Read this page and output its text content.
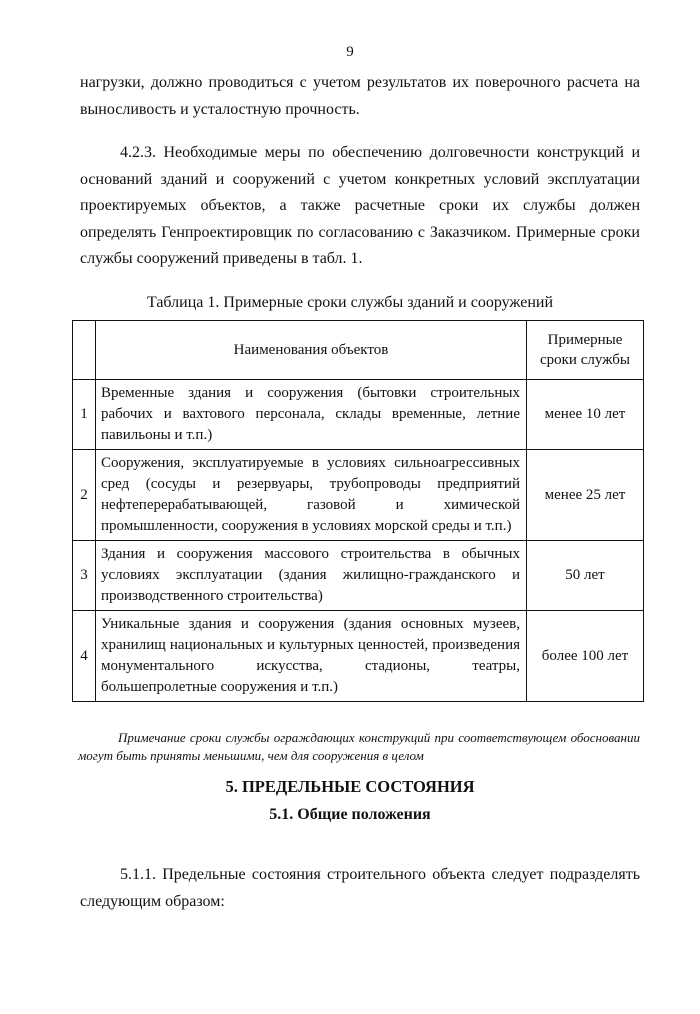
9

нагрузки, должно проводиться с учетом результатов их поверочного расчета на выносливость и усталостную прочность.

4.2.3. Необходимые меры по обеспечению долговечности конструкций и оснований зданий и сооружений с учетом конкретных условий эксплуатации проектируемых объектов, а также расчетные сроки их службы должен определять Генпроектировщик по согласованию с Заказчиком. Примерные сроки службы сооружений приведены в табл. 1.

Таблица 1. Примерные сроки службы зданий и сооружений
	Наименования объектов	Примерные сроки службы
1	Временные здания и сооружения (бытовки строительных рабочих и вахтового персонала, склады временные, летние павильоны и т.п.)	менее 10 лет
2	Сооружения, эксплуатируемые в условиях сильноагрессивных сред (сосуды и резервуары, трубопроводы предприятий нефтеперерабатывающей, газовой и химической промышленности, сооружения в условиях морской среды и т.п.)	менее 25 лет
3	Здания и сооружения массового строительства в обычных условиях эксплуатации (здания жилищно-гражданского и производственного строительства)	50 лет
4	Уникальные здания и сооружения (здания основных музеев, хранилищ национальных и культурных ценностей, произведения монументального искусства, стадионы, театры, большепролетные сооружения и т.п.)	более 100 лет

Примечание сроки службы ограждающих конструкций при соответствующем обосновании могут быть приняты меньшими, чем для сооружения в целом

5. ПРЕДЕЛЬНЫЕ СОСТОЯНИЯ
5.1. Общие положения

5.1.1. Предельные состояния строительного объекта следует подразделять следующим образом:
